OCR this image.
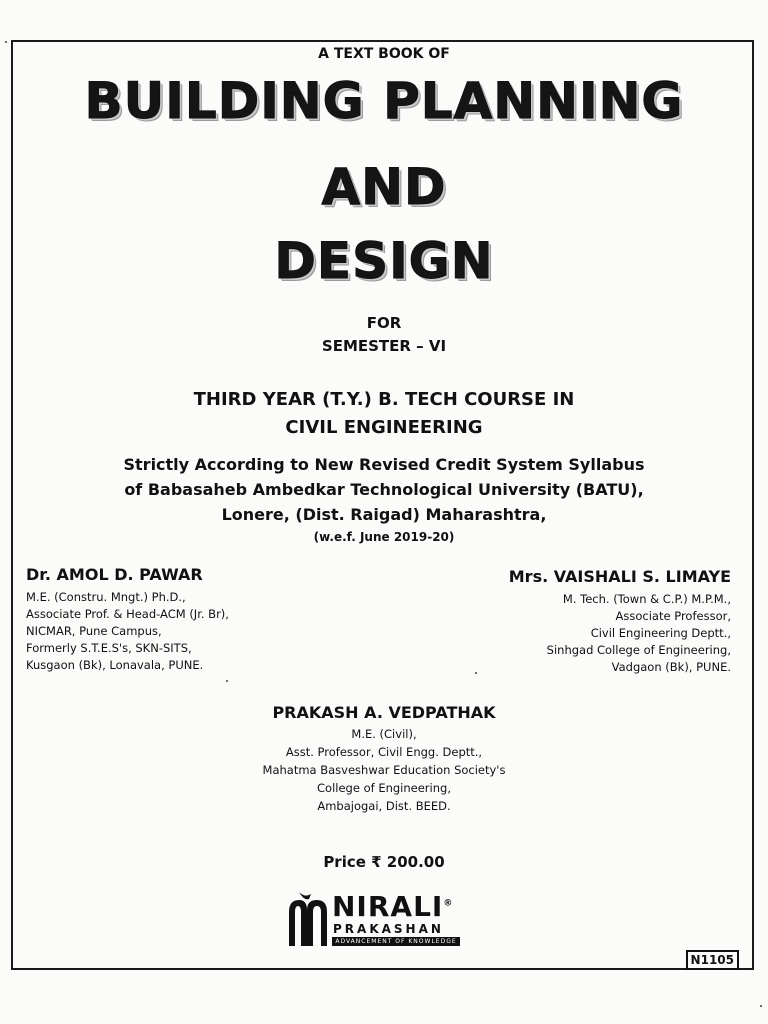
A TEXT BOOK OF
BUILDING PLANNING
AND
DESIGN
FOR
SEMESTER – VI
THIRD YEAR (T.Y.) B. TECH COURSE IN
CIVIL ENGINEERING
Strictly According to New Revised Credit System Syllabus
of Babasaheb Ambedkar Technological University (BATU),
Lonere, (Dist. Raigad) Maharashtra,
(w.e.f. June 2019-20)
Dr. AMOL D. PAWAR
M.E. (Constru. Mngt.) Ph.D.,
Associate Prof. & Head-ACM (Jr. Br),
NICMAR, Pune Campus,
Formerly S.T.E.S's, SKN-SITS,
Kusgaon (Bk), Lonavala, PUNE.
Mrs. VAISHALI S. LIMAYE
M. Tech. (Town & C.P.) M.P.M.,
Associate Professor,
Civil Engineering Deptt.,
Sinhgad College of Engineering,
Vadgaon (Bk), PUNE.
PRAKASH A. VEDPATHAK
M.E. (Civil),
Asst. Professor, Civil Engg. Deptt.,
Mahatma Basveshwar Education Society's
College of Engineering,
Ambajogai, Dist. BEED.
Price ₹ 200.00
NIRALI®
PRAKASHAN
ADVANCEMENT OF KNOWLEDGE
N1105
